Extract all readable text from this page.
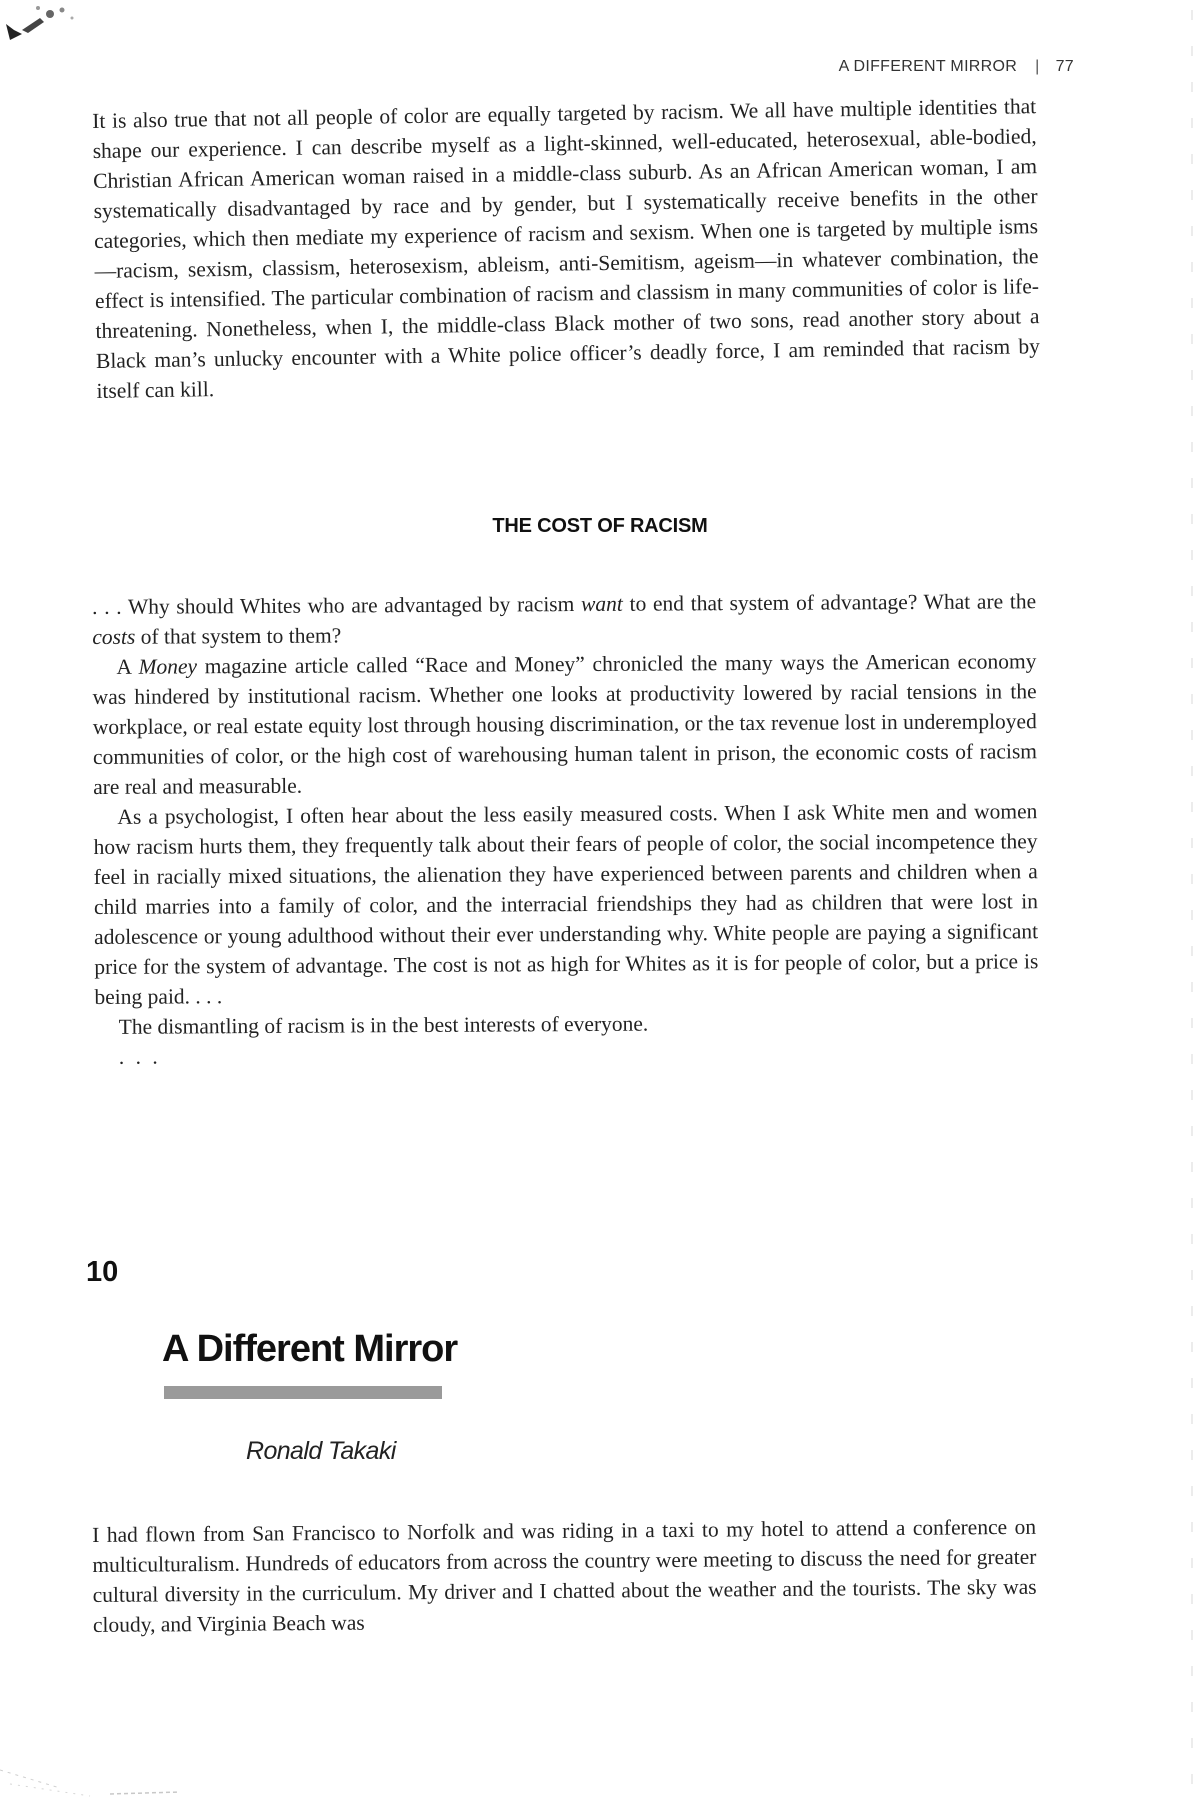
A DIFFERENT MIRROR | 77

It is also true that not all people of color are equally targeted by racism. We all have multiple identities that shape our experience. I can describe myself as a light-skinned, well-educated, heterosexual, able-bodied, Christian African American woman raised in a middle-class suburb. As an African American woman, I am systematically disadvantaged by race and by gender, but I systematically receive benefits in the other categories, which then mediate my experience of racism and sexism. When one is targeted by multiple isms—racism, sexism, classism, heterosexism, ableism, anti-Semitism, ageism—in whatever combination, the effect is intensified. The particular combination of racism and classism in many communities of color is life-threatening. Nonetheless, when I, the middle-class Black mother of two sons, read another story about a Black man’s unlucky encounter with a White police officer’s deadly force, I am reminded that racism by itself can kill.

THE COST OF RACISM

. . . Why should Whites who are advantaged by racism want to end that system of advantage? What are the costs of that system to them?

A Money magazine article called “Race and Money” chronicled the many ways the American economy was hindered by institutional racism. Whether one looks at productivity lowered by racial tensions in the workplace, or real estate equity lost through housing discrimination, or the tax revenue lost in underemployed communities of color, or the high cost of warehousing human talent in prison, the economic costs of racism are real and measurable.

As a psychologist, I often hear about the less easily measured costs. When I ask White men and women how racism hurts them, they frequently talk about their fears of people of color, the social incompetence they feel in racially mixed situations, the alienation they have experienced between parents and children when a child marries into a family of color, and the interracial friendships they had as children that were lost in adolescence or young adulthood without their ever understanding why. White people are paying a significant price for the system of advantage. The cost is not as high for Whites as it is for people of color, but a price is being paid. . . .

The dismantling of racism is in the best interests of everyone.

. . .

10
A Different Mirror
Ronald Takaki

I had flown from San Francisco to Norfolk and was riding in a taxi to my hotel to attend a conference on multiculturalism. Hundreds of educators from across the country were meeting to discuss the need for greater cultural diversity in the curriculum. My driver and I chatted about the weather and the tourists. The sky was cloudy, and Virginia Beach was
